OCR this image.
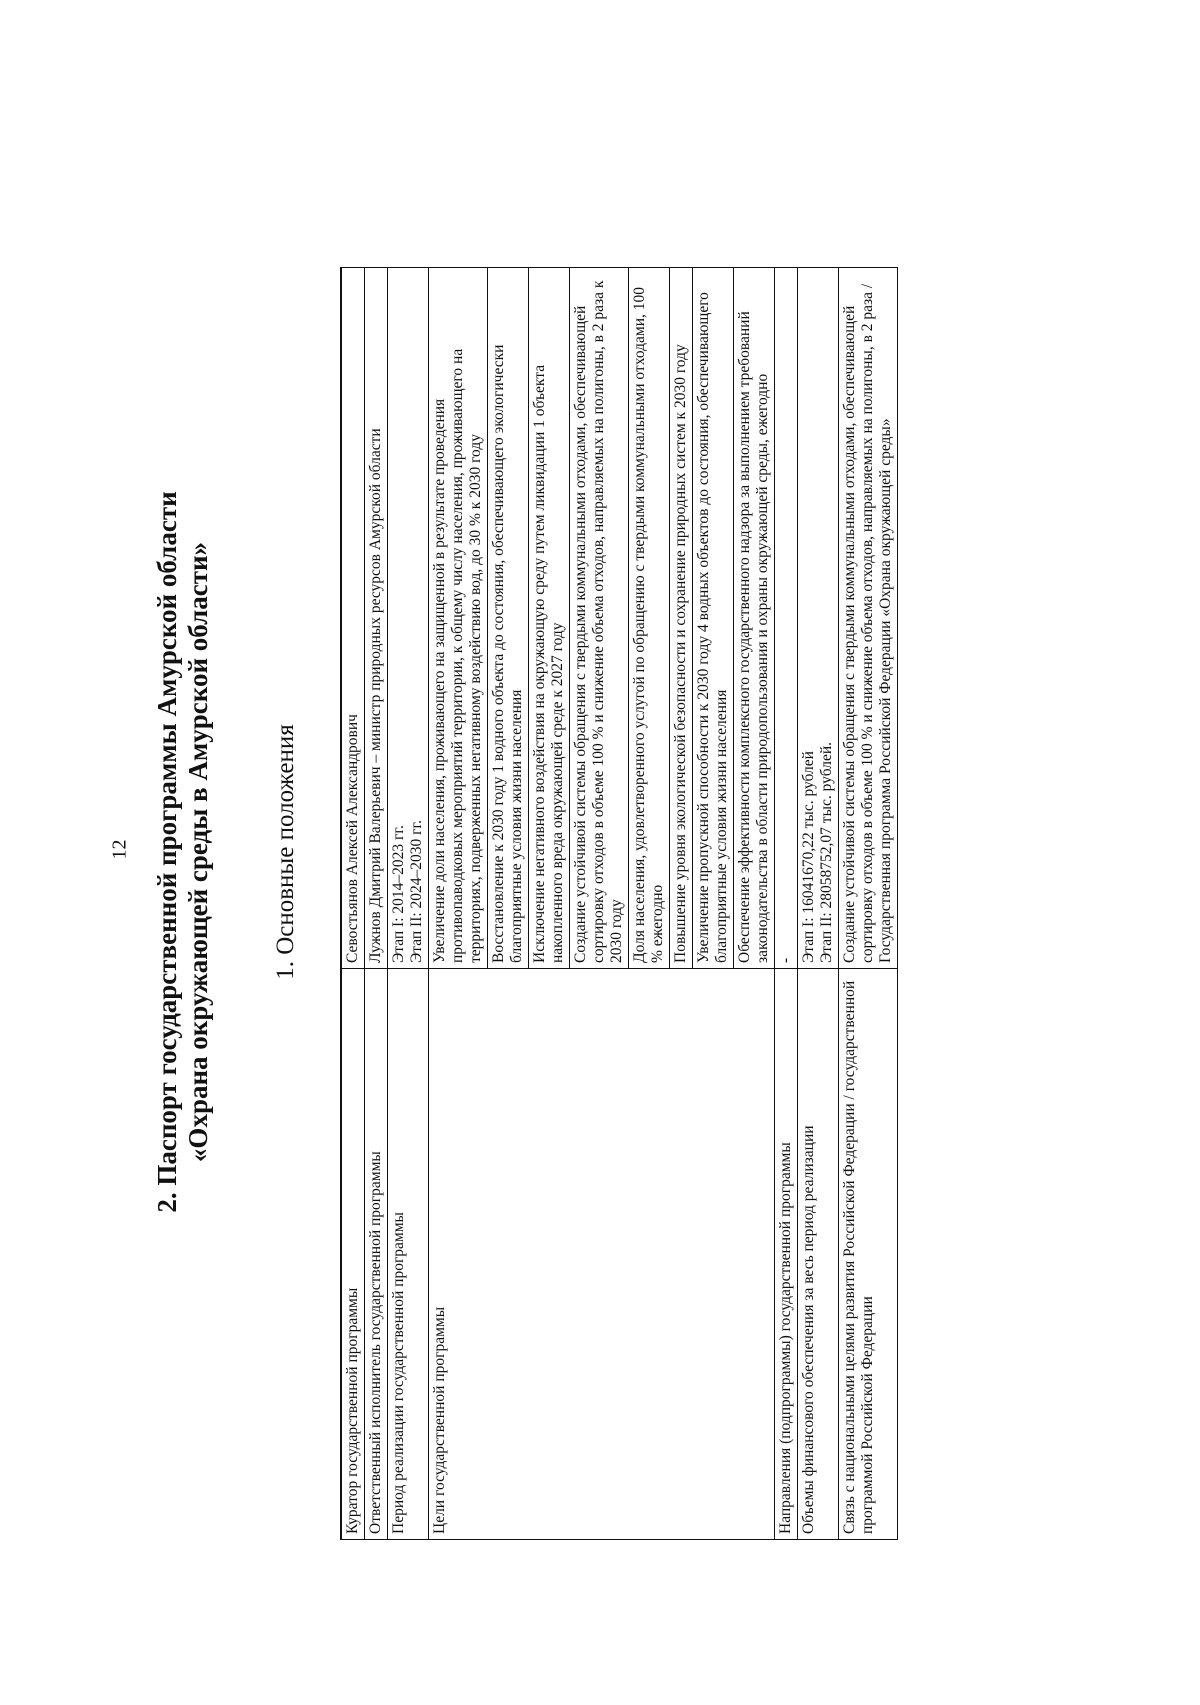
12 2. Паспорт государственной программы Амурской области «Охрана окружающей среды в Амурской области» 1. Основные положения
Куратор государственной программы	Севостьянов Алексей Александрович
Ответственный исполнитель государственной программы	Лужнов Дмитрий Валерьевич – министр природных ресурсов Амурской области
Период реализации государственной программы	Этап I: 2014–2023 гг. Этап II: 2024–2030 гг.

Цели государственной программы	Увеличение доли населения, проживающего на защищенной в результате проведения противопаводковых мероприятий территории, к общему числу населения, проживающего на территориях, подверженных негативному воздействию вод, до 30 % к 2030 году
	Восстановление к 2030 году 1 водного объекта до состояния, обеспечивающего экологически благоприятные условия жизни населения
	Исключение негативного воздействия на окружающую среду путем ликвидации 1 объекта накопленного вреда окружающей среде к 2027 году
	Создание устойчивой системы обращения с твердыми коммунальными отходами, обеспечивающей сортировку отходов в объеме 100 % и снижение объема отходов, направляемых на полигоны, в 2 раза к 2030 году
	Доля населения, удовлетворенного услугой по обращению с твердыми коммунальными отходами, 100 % ежегодно
	Повышение уровня экологической безопасности и сохранение природных систем к 2030 году
	Увеличение пропускной способности к 2030 году 4 водных объектов до состояния, обеспечивающего благоприятные условия жизни населения
	Обеспечение эффективности комплексного государственного надзора за выполнением требований законодательства в области природопользования и охраны окружающей среды, ежегодно
Направления (подпрограммы) государственной программы	-
Объемы финансового обеспечения за весь период реализации	Этап I: 16041670,22 тыс. рублей Этап II: 28058752,07 тыс. рублей.

Связь с национальными целями развития Российской Федерации / государственной программой Российской Федерации	Создание устойчивой системы обращения с твердыми коммунальными отходами, обеспечивающей сортировку отходов в объеме 100 % и снижение объема отходов, направляемых на полигоны, в 2 раза / Государственная программа Российской Федерации «Охрана окружающей среды»
